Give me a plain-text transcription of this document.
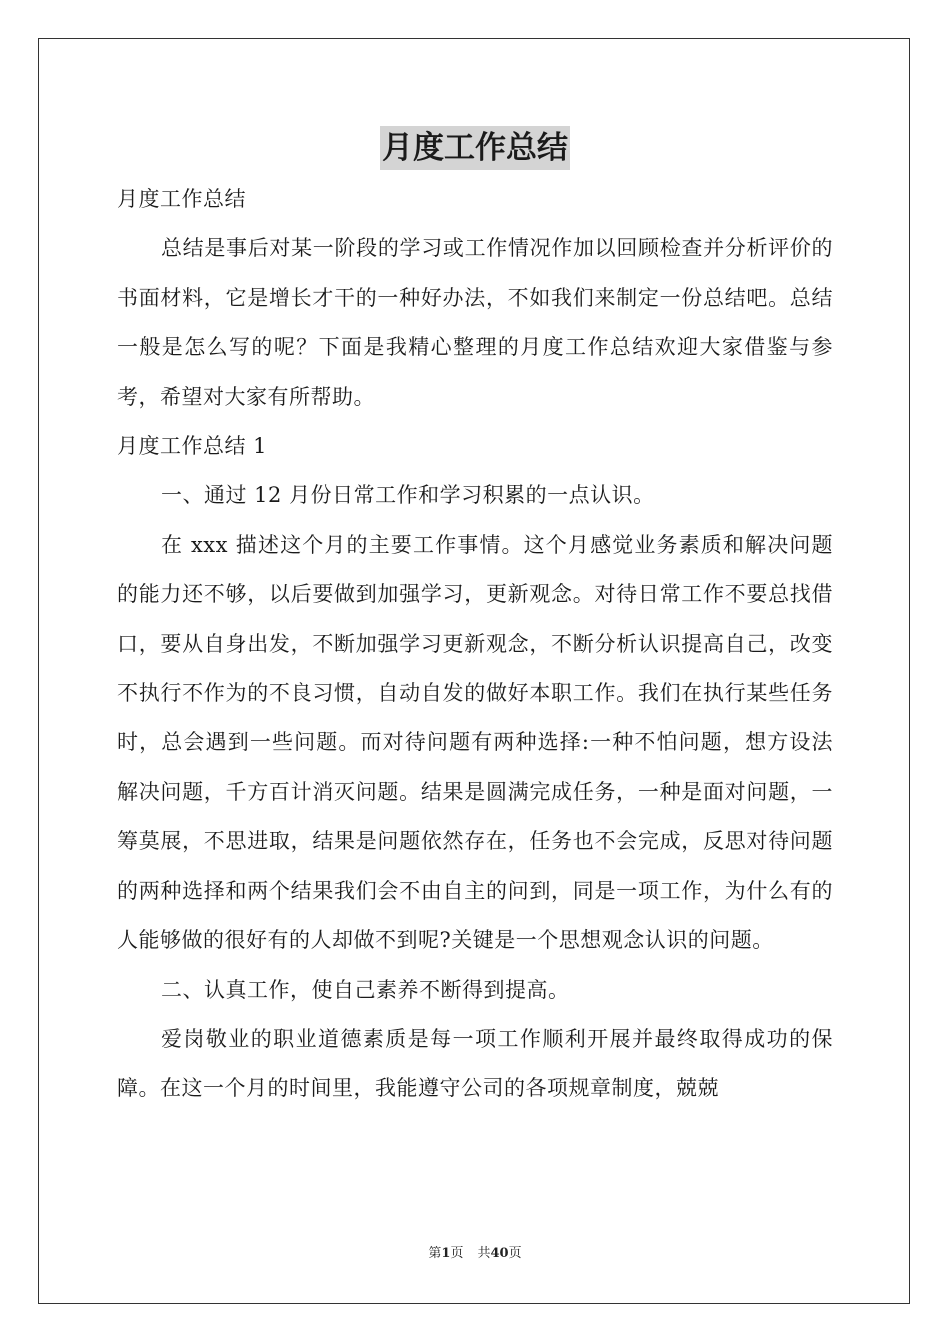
月度工作总结

月度工作总结

总结是事后对某一阶段的学习或工作情况作加以回顾检查并分析评价的书面材料，它是增长才干的一种好办法，不如我们来制定一份总结吧。总结一般是怎么写的呢？下面是我精心整理的月度工作总结欢迎大家借鉴与参考，希望对大家有所帮助。

月度工作总结 1

一、通过 12 月份日常工作和学习积累的一点认识。

在 xxx 描述这个月的主要工作事情。这个月感觉业务素质和解决问题的能力还不够，以后要做到加强学习，更新观念。对待日常工作不要总找借口，要从自身出发，不断加强学习更新观念，不断分析认识提高自己，改变不执行不作为的不良习惯，自动自发的做好本职工作。我们在执行某些任务时，总会遇到一些问题。而对待问题有两种选择:一种不怕问题，想方设法解决问题，千方百计消灭问题。结果是圆满完成任务，一种是面对问题，一筹莫展，不思进取，结果是问题依然存在，任务也不会完成，反思对待问题的两种选择和两个结果我们会不由自主的问到，同是一项工作，为什么有的人能够做的很好有的人却做不到呢?关键是一个思想观念认识的问题。

二、认真工作，使自己素养不断得到提高。

爱岗敬业的职业道德素质是每一项工作顺利开展并最终取得成功的保障。在这一个月的时间里，我能遵守公司的各项规章制度，兢兢

第1页 共40页
